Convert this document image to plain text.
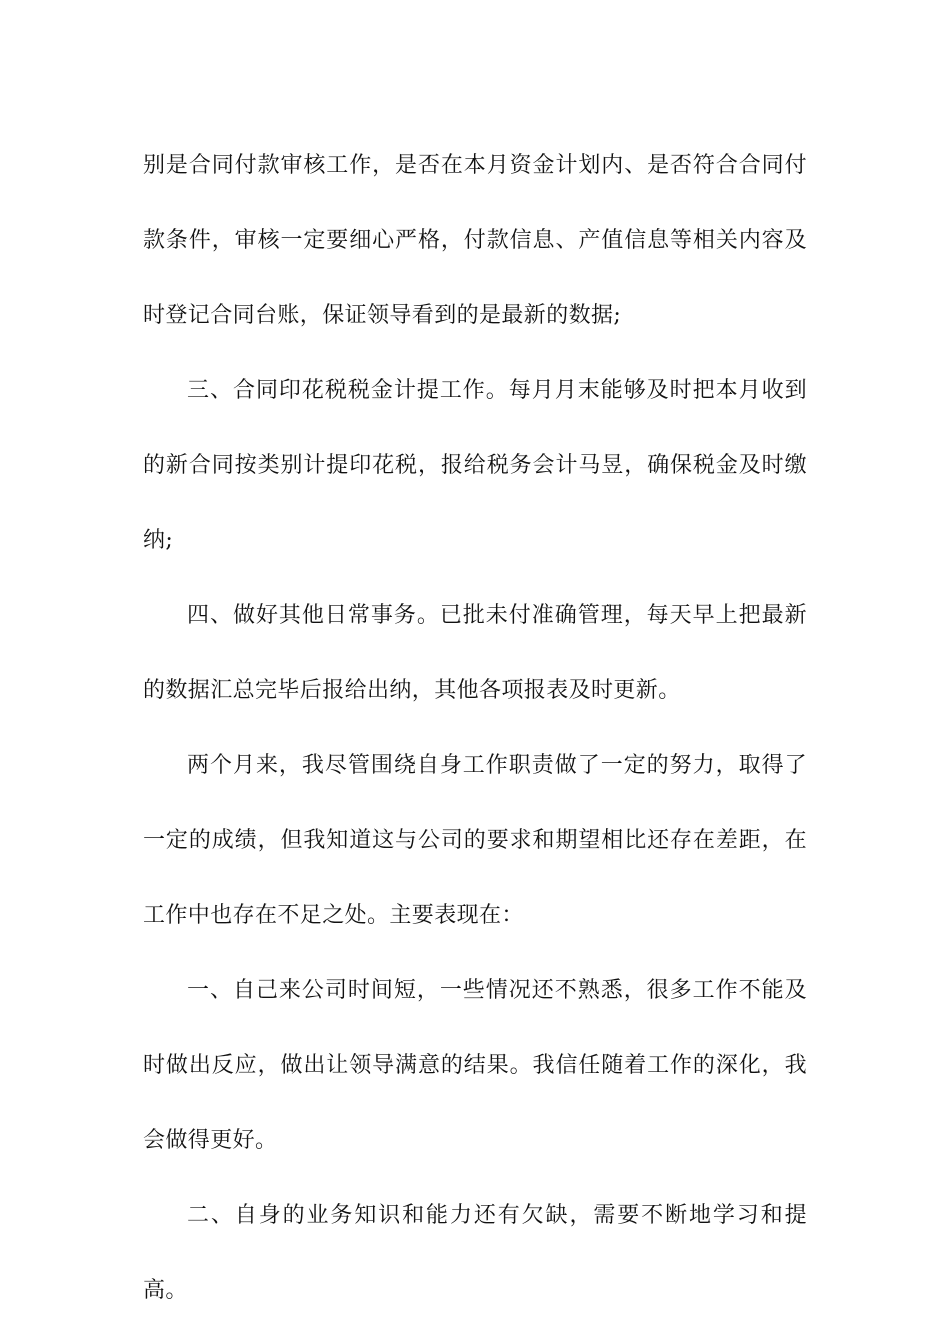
别是合同付款审核工作，是否在本月资金计划内、是否符合合同付款条件，审核一定要细心严格，付款信息、产值信息等相关内容及时登记合同台账，保证领导看到的是最新的数据;

三、合同印花税税金计提工作。每月月末能够及时把本月收到的新合同按类别计提印花税，报给税务会计马昱，确保税金及时缴纳;

四、做好其他日常事务。已批未付准确管理，每天早上把最新的数据汇总完毕后报给出纳，其他各项报表及时更新。

两个月来，我尽管围绕自身工作职责做了一定的努力，取得了一定的成绩，但我知道这与公司的要求和期望相比还存在差距，在工作中也存在不足之处。主要表现在：

一、自己来公司时间短，一些情况还不熟悉，很多工作不能及时做出反应，做出让领导满意的结果。我信任随着工作的深化，我会做得更好。

二、自身的业务知识和能力还有欠缺，需要不断地学习和提高。
